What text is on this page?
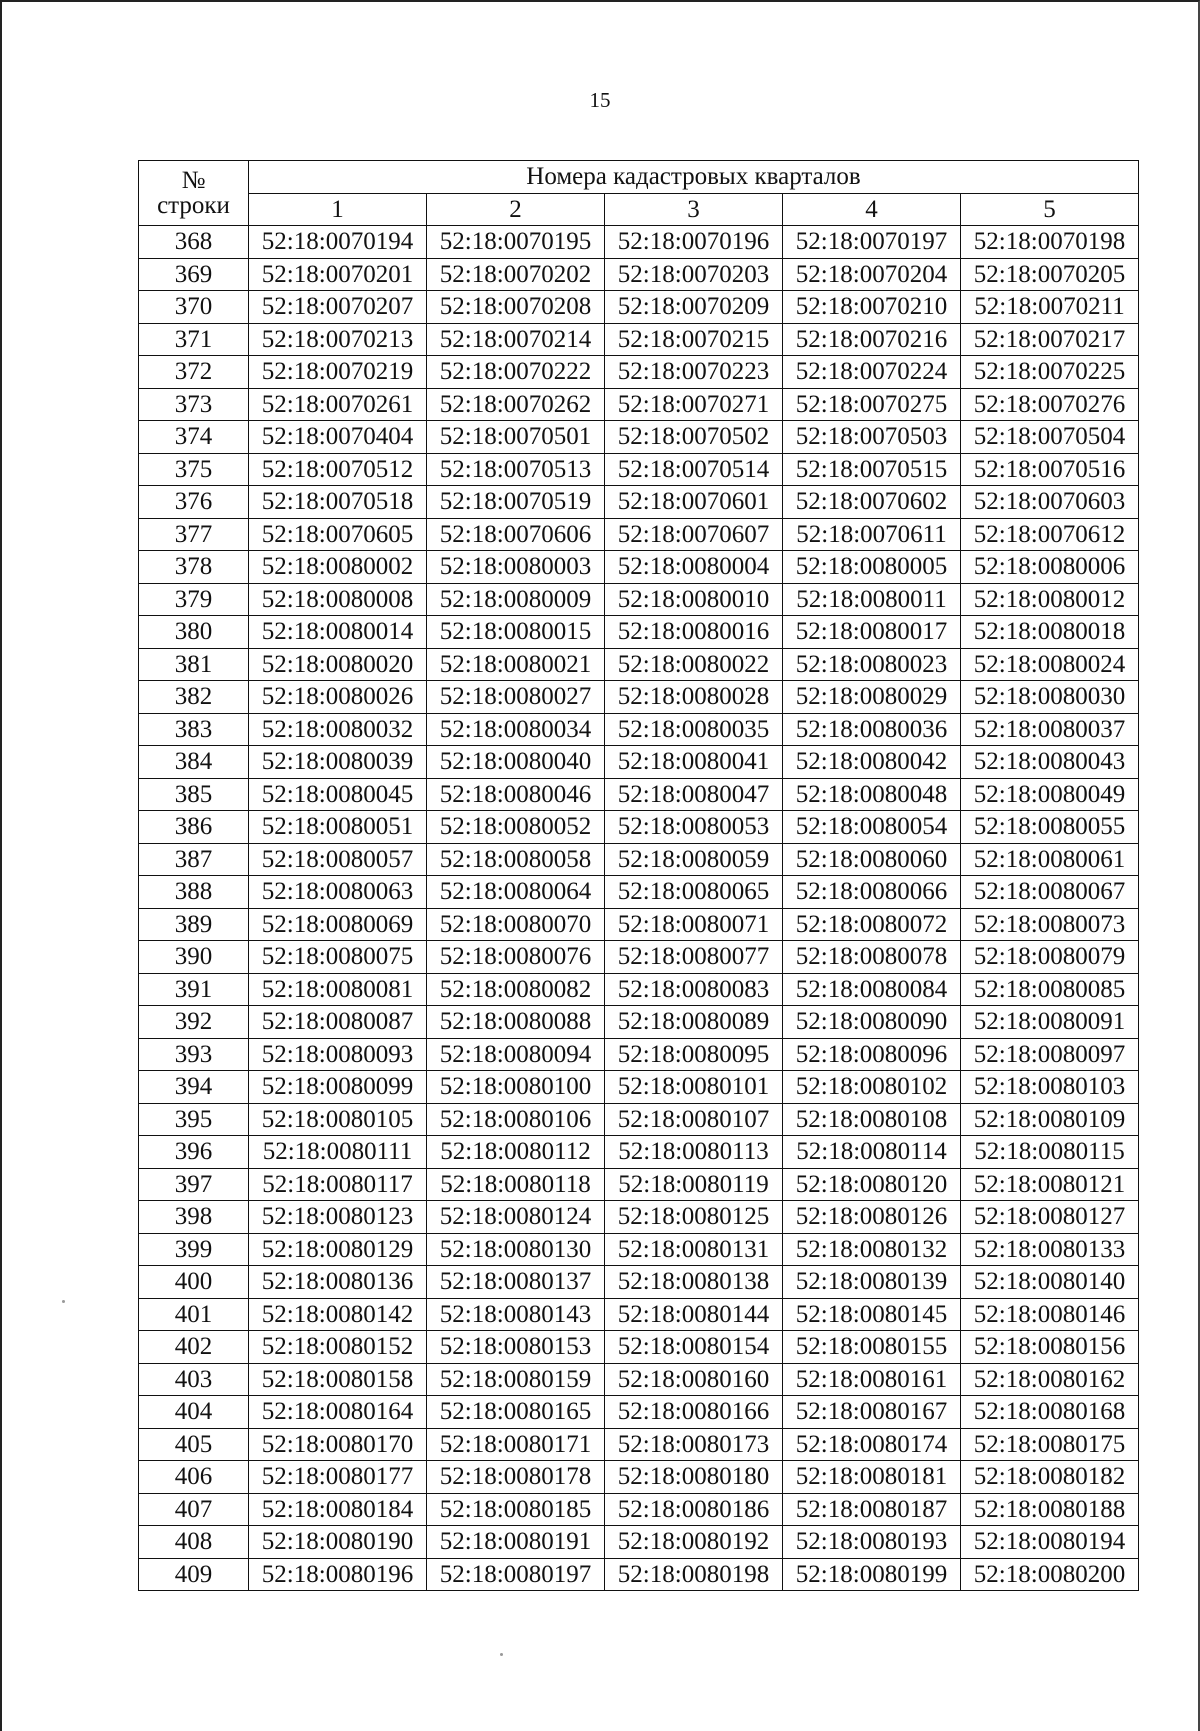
15
№
строки	Номера кадастровых кварталов				
	1	2	3	4	5
368	52:18:0070194	52:18:0070195	52:18:0070196	52:18:0070197	52:18:0070198
369	52:18:0070201	52:18:0070202	52:18:0070203	52:18:0070204	52:18:0070205
370	52:18:0070207	52:18:0070208	52:18:0070209	52:18:0070210	52:18:0070211
371	52:18:0070213	52:18:0070214	52:18:0070215	52:18:0070216	52:18:0070217
372	52:18:0070219	52:18:0070222	52:18:0070223	52:18:0070224	52:18:0070225
373	52:18:0070261	52:18:0070262	52:18:0070271	52:18:0070275	52:18:0070276
374	52:18:0070404	52:18:0070501	52:18:0070502	52:18:0070503	52:18:0070504
375	52:18:0070512	52:18:0070513	52:18:0070514	52:18:0070515	52:18:0070516
376	52:18:0070518	52:18:0070519	52:18:0070601	52:18:0070602	52:18:0070603
377	52:18:0070605	52:18:0070606	52:18:0070607	52:18:0070611	52:18:0070612
378	52:18:0080002	52:18:0080003	52:18:0080004	52:18:0080005	52:18:0080006
379	52:18:0080008	52:18:0080009	52:18:0080010	52:18:0080011	52:18:0080012
380	52:18:0080014	52:18:0080015	52:18:0080016	52:18:0080017	52:18:0080018
381	52:18:0080020	52:18:0080021	52:18:0080022	52:18:0080023	52:18:0080024
382	52:18:0080026	52:18:0080027	52:18:0080028	52:18:0080029	52:18:0080030
383	52:18:0080032	52:18:0080034	52:18:0080035	52:18:0080036	52:18:0080037
384	52:18:0080039	52:18:0080040	52:18:0080041	52:18:0080042	52:18:0080043
385	52:18:0080045	52:18:0080046	52:18:0080047	52:18:0080048	52:18:0080049
386	52:18:0080051	52:18:0080052	52:18:0080053	52:18:0080054	52:18:0080055
387	52:18:0080057	52:18:0080058	52:18:0080059	52:18:0080060	52:18:0080061
388	52:18:0080063	52:18:0080064	52:18:0080065	52:18:0080066	52:18:0080067
389	52:18:0080069	52:18:0080070	52:18:0080071	52:18:0080072	52:18:0080073
390	52:18:0080075	52:18:0080076	52:18:0080077	52:18:0080078	52:18:0080079
391	52:18:0080081	52:18:0080082	52:18:0080083	52:18:0080084	52:18:0080085
392	52:18:0080087	52:18:0080088	52:18:0080089	52:18:0080090	52:18:0080091
393	52:18:0080093	52:18:0080094	52:18:0080095	52:18:0080096	52:18:0080097
394	52:18:0080099	52:18:0080100	52:18:0080101	52:18:0080102	52:18:0080103
395	52:18:0080105	52:18:0080106	52:18:0080107	52:18:0080108	52:18:0080109
396	52:18:0080111	52:18:0080112	52:18:0080113	52:18:0080114	52:18:0080115
397	52:18:0080117	52:18:0080118	52:18:0080119	52:18:0080120	52:18:0080121
398	52:18:0080123	52:18:0080124	52:18:0080125	52:18:0080126	52:18:0080127
399	52:18:0080129	52:18:0080130	52:18:0080131	52:18:0080132	52:18:0080133
400	52:18:0080136	52:18:0080137	52:18:0080138	52:18:0080139	52:18:0080140
401	52:18:0080142	52:18:0080143	52:18:0080144	52:18:0080145	52:18:0080146
402	52:18:0080152	52:18:0080153	52:18:0080154	52:18:0080155	52:18:0080156
403	52:18:0080158	52:18:0080159	52:18:0080160	52:18:0080161	52:18:0080162
404	52:18:0080164	52:18:0080165	52:18:0080166	52:18:0080167	52:18:0080168
405	52:18:0080170	52:18:0080171	52:18:0080173	52:18:0080174	52:18:0080175
406	52:18:0080177	52:18:0080178	52:18:0080180	52:18:0080181	52:18:0080182
407	52:18:0080184	52:18:0080185	52:18:0080186	52:18:0080187	52:18:0080188
408	52:18:0080190	52:18:0080191	52:18:0080192	52:18:0080193	52:18:0080194
409	52:18:0080196	52:18:0080197	52:18:0080198	52:18:0080199	52:18:0080200
